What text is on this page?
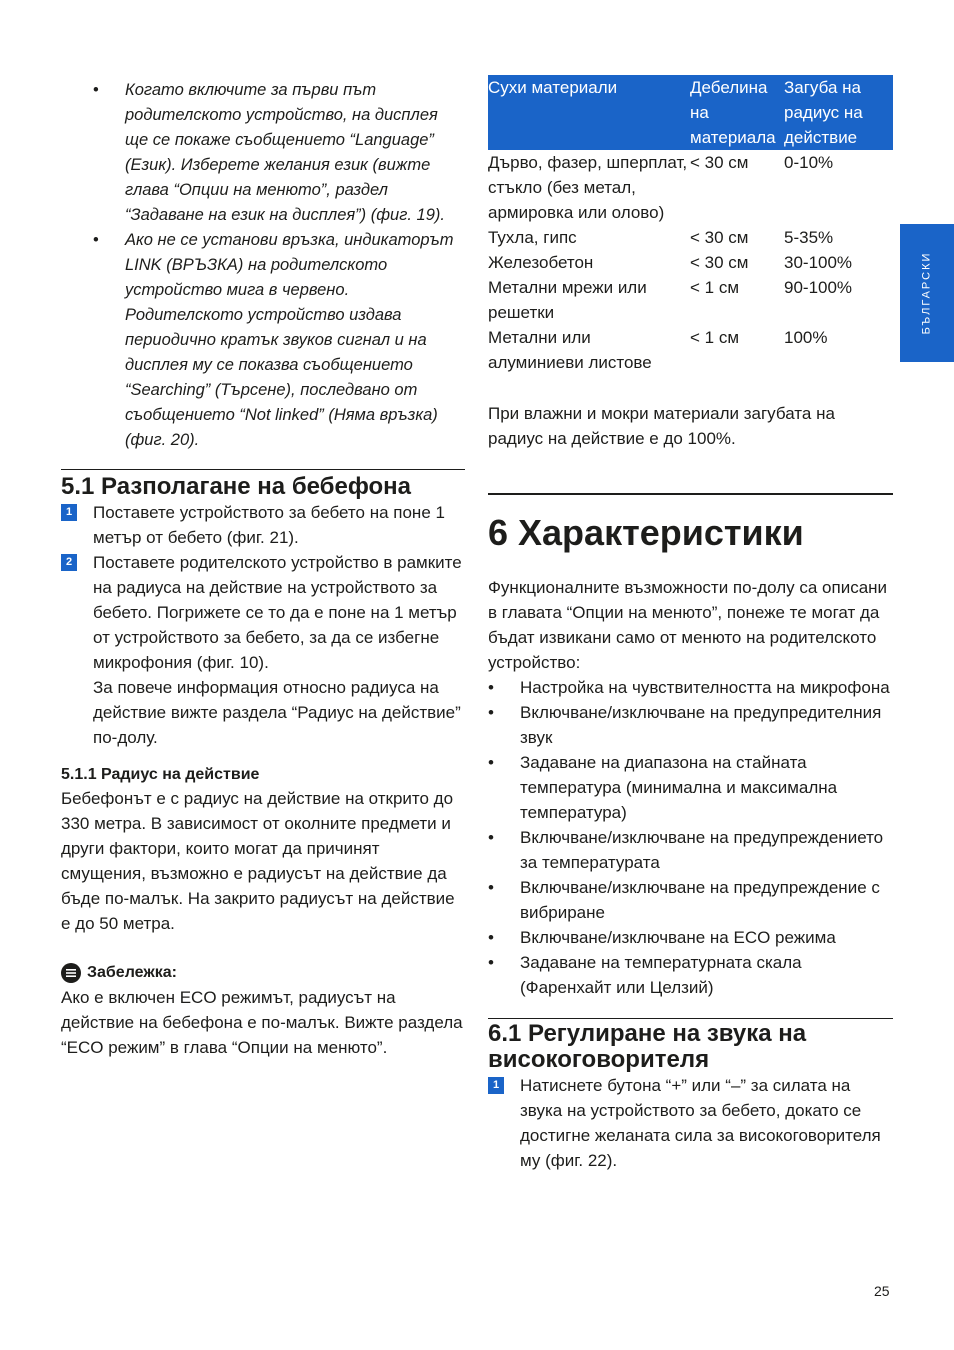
БЪЛГАРСКИ
• Когато включите за първи път родителското устройство, на дисплея ще се покаже съобщението “Language” (Език). Изберете желания език (вижте глава “Опции на менюто”, раздел “Задаване на език на дисплея”) (фиг. 19).
• Ако не се установи връзка, индикаторът LINK (ВРЪЗКА) на родителското устройство мига в червено. Родителското устройство издава периодично кратък звуков сигнал и на дисплея му се показва съобщението “Searching” (Търсене), последвано от съобщението “Not linked” (Няма връзка) (фиг. 20).
5.1 Разполагане на бебефона
1 Поставете устройството за бебето на поне 1 метър от бебето (фиг. 21).
2 Поставете родителското устройство в рамките на радиуса на действие на устройството за бебето. Погрижете се то да е поне на 1 метър от устройството за бебето, за да се избегне микрофония (фиг. 10).
За повече информация относно радиуса на действие вижте раздела “Радиус на действие” по-долу.
5.1.1 Радиус на действие
Бебефонът е с радиус на действие на открито до 330 метра. В зависимост от околните предмети и други фактори, които могат да причинят смущения, възможно е радиусът на действие да бъде по-малък. На закрито радиусът на действие е до 50 метра.
Забележка:
Ако е включен ECO режимът, радиусът на действие на бебефона е по-малък. Вижте раздела “ECO режим” в глава “Опции на менюто”.
Сухи материали	Дебелина на материала	Загуба на радиус на действие
Дърво, фазер, шперплат, стъкло (без метал, армировка или олово)	< 30 см	0-10%
Тухла, гипс	< 30 см	5-35%
Железобетон	< 30 см	30-100%
Метални мрежи или решетки	< 1 см	90-100%
Метални или алуминиеви листове	< 1 см	100%
При влажни и мокри материали загубата на радиус на действие е до 100%.
6 Характеристики
Функционалните възможности по-долу са описани в главата “Опции на менюто”, понеже те могат да бъдат извикани само от менюто на родителското устройство:
• Настройка на чувствителността на микрофона
• Включване/изключване на предупредителния звук
• Задаване на диапазона на стайната температура (минимална и максимална температура)
• Включване/изключване на предупреждението за температурата
• Включване/изключване на предупреждение с вибриране
• Включване/изключване на ECO режима
• Задаване на температурната скала (Фаренхайт или Целзий)
6.1 Регулиране на звука на високоговорителя
1 Натиснете бутона “+” или “–” за силата на звука на устройството за бебето, докато се достигне желаната сила за високоговорителя му (фиг. 22).
25
